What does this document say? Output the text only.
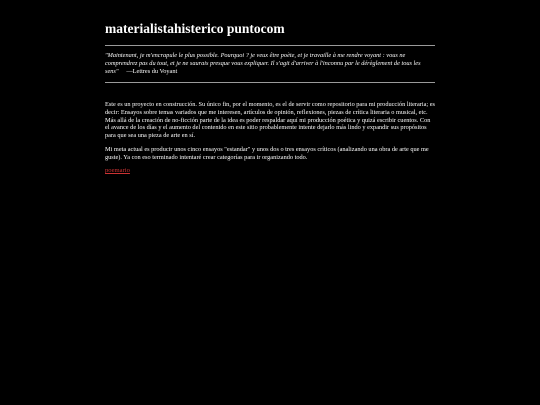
materialistahisterico puntocom

"Maintenant, je m'encrapule le plus possible. Pourquoi ? je veux être poète, et je travaille à me rendre voyant : vous ne comprendrez pas du tout, et je ne saurais presque vous expliquer. Il s'agit d'arriver à l'inconnu par le dérèglement de tous les sens" —Lettres du Voyant

Este es un proyecto en construcción. Su único fin, por el momento, es el de servir como repositorio para mi producción literaria; es decir: Ensayos sobre temas variados que me interesen, artículos de opinión, reflexiones, piezas de crítica literaria o musical, etc. Más allá de la creación de no-ficción parte de la idea es poder respaldar aquí mi producción poética y quizá escribir cuentos. Con el avance de los días y el aumento del contenido en este sitio probablemente intente dejarlo más lindo y expandir sus propósitos para que sea una pieza de arte en sí.

Mi meta actual es producir unos cinco ensayos "estandar" y unos dos o tres ensayos críticos (analizando una obra de arte que me guste). Ya con eso terminado intentaré crear categorías para ir organizando todo.

poemario
